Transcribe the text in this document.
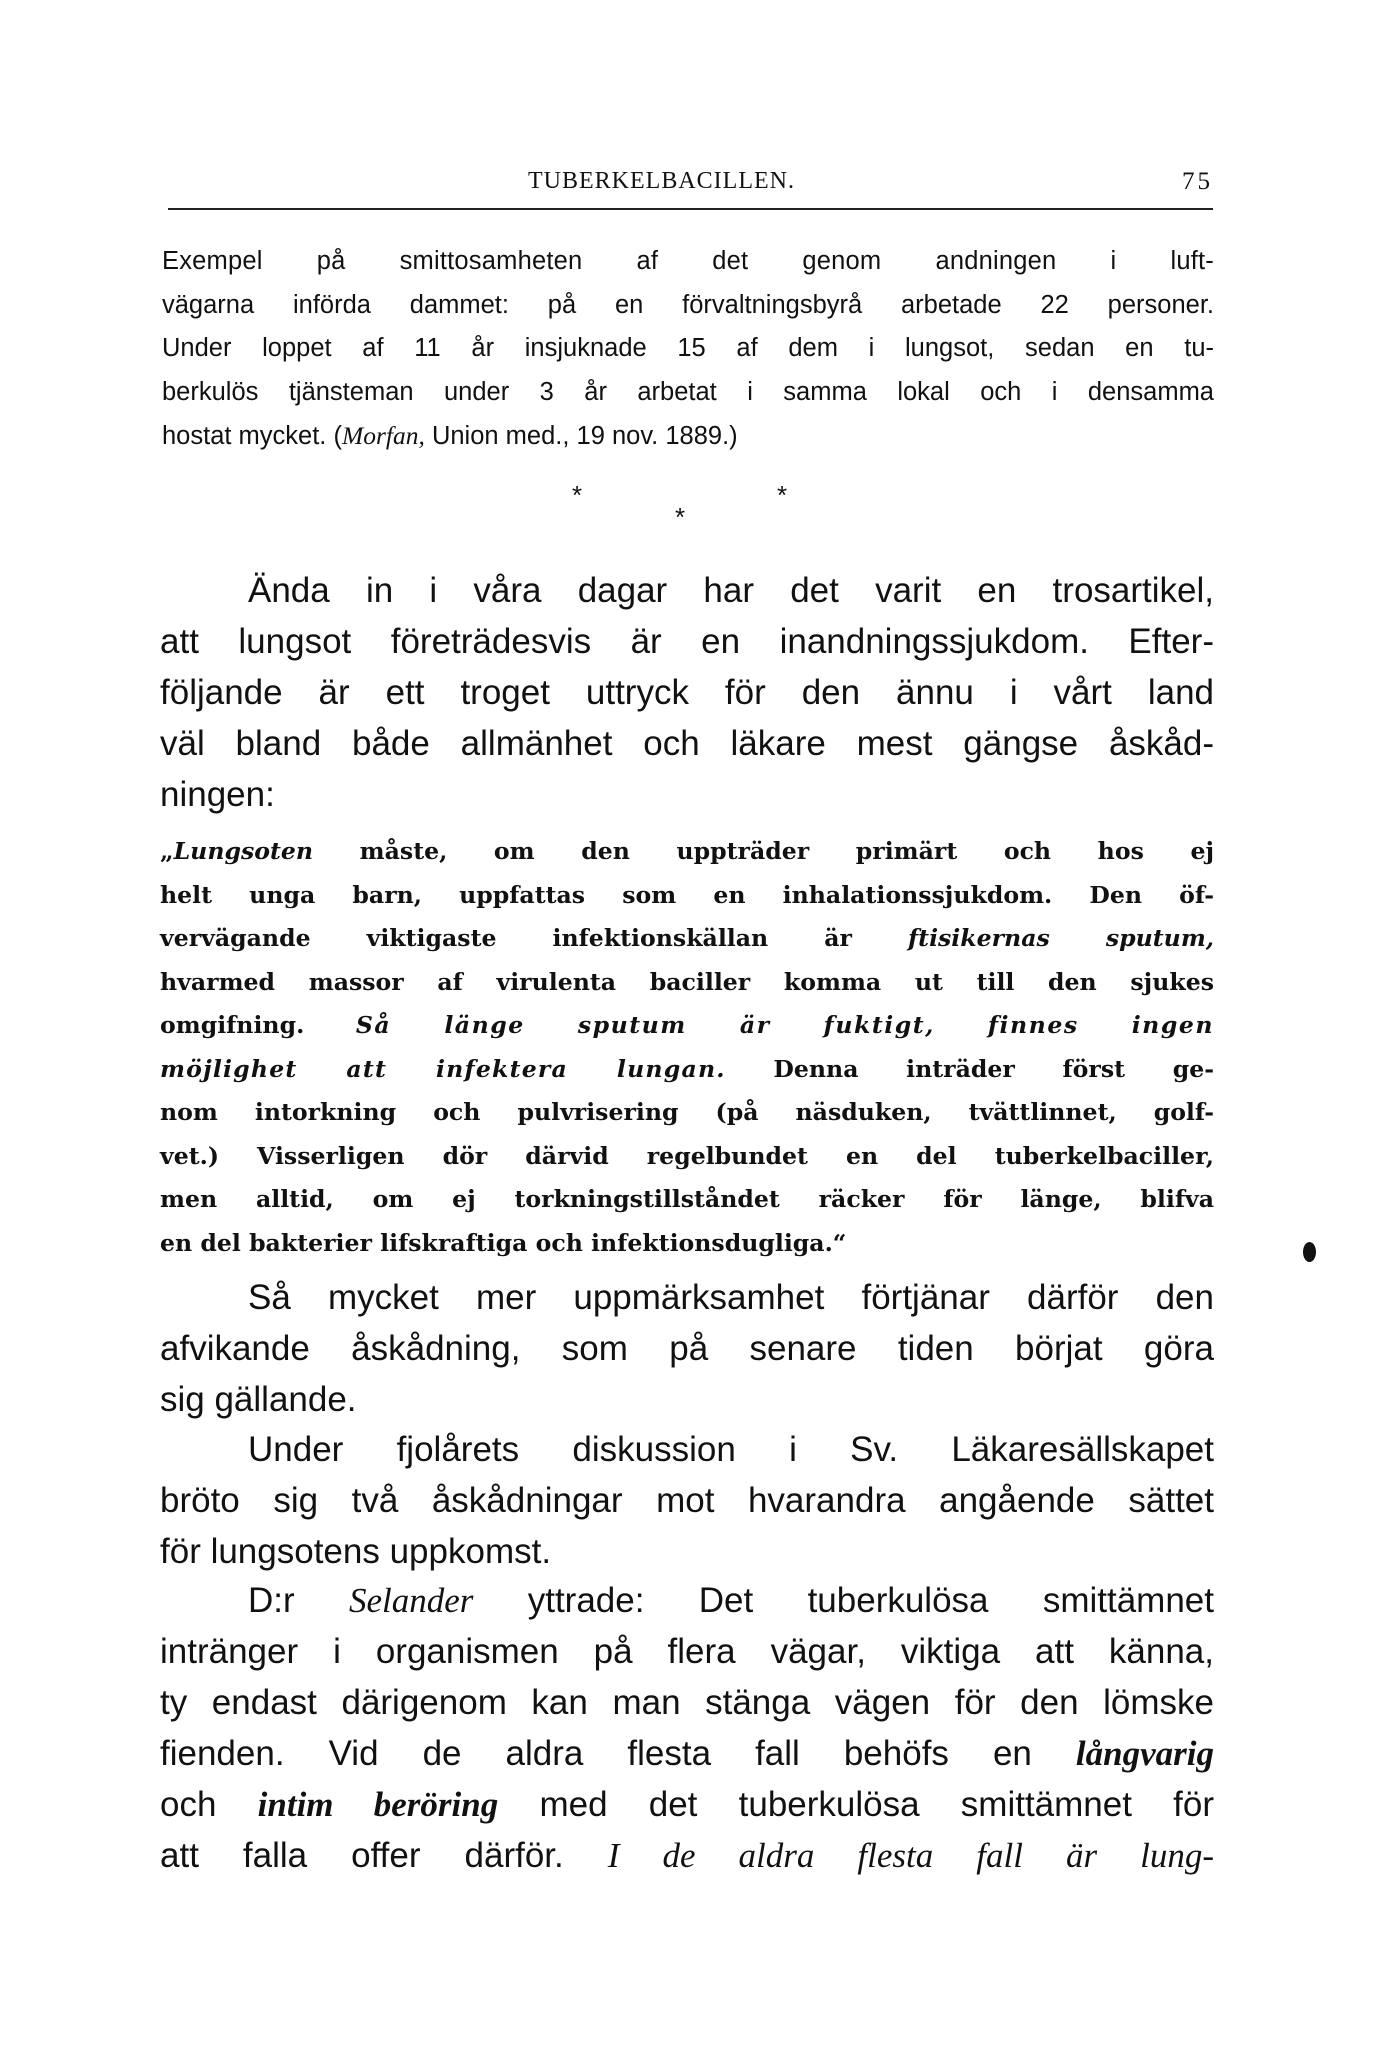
TUBERKELBACILLEN.	75

Exempel på smittosamheten af det genom andningen i luft-
vägarna införda dammet: på en förvaltningsbyrå arbetade 22 personer.
Under loppet af 11 år insjuknade 15 af dem i lungsot, sedan en tu-
berkulös tjänsteman under 3 år arbetat i samma lokal och i densamma
hostat mycket. (Morfan, Union med., 19 nov. 1889.)

*	*
*

Ända in i våra dagar har det varit en trosartikel,
att lungsot företrädesvis är en inandningssjukdom. Efter-
följande är ett troget uttryck för den ännu i vårt land
väl bland både allmänhet och läkare mest gängse åskåd-
ningen:

„Lungsoten måste, om den uppträder primärt och hos ej
helt unga barn, uppfattas som en inhalationssjukdom. Den öf-
vervägande viktigaste infektionskällan är ftisikernas sputum,
hvarmed massor af virulenta baciller komma ut till den sjukes
omgifning. Så länge sputum är fuktigt, finnes ingen
möjlighet att infektera lungan. Denna inträder först ge-
nom intorkning och pulvrisering (på näsduken, tvättlinnet, golf-
vet.) Visserligen dör därvid regelbundet en del tuberkelbaciller,
men alltid, om ej torkningstillståndet räcker för länge, blifva
en del bakterier lifskraftiga och infektionsdugliga.“

Så mycket mer uppmärksamhet förtjänar därför den
afvikande åskådning, som på senare tiden börjat göra
sig gällande.

Under fjolårets diskussion i Sv. Läkaresällskapet
bröto sig två åskådningar mot hvarandra angående sättet
för lungsotens uppkomst.

D:r Selander yttrade: Det tuberkulösa smittämnet
intränger i organismen på flera vägar, viktiga att känna,
ty endast därigenom kan man stänga vägen för den lömske
fienden. Vid de aldra flesta fall behöfs en långvarig
och intim beröring med det tuberkulösa smittämnet för
att falla offer därför. I de aldra flesta fall är lung-
